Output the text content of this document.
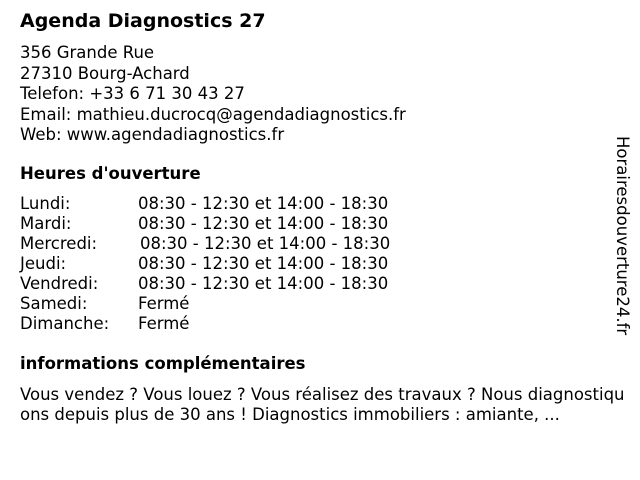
Agenda Diagnostics 27
356 Grande Rue
27310 Bourg-Achard
Telefon: +33 6 71 30 43 27
Email: mathieu.ducrocq@agendadiagnostics.fr
Web: www.agendadiagnostics.fr
Heures d'ouverture
Lundi:	08:30 - 12:30 et 14:00 - 18:30
Mardi:	08:30 - 12:30 et 14:00 - 18:30
Mercredi:	08:30 - 12:30 et 14:00 - 18:30
Jeudi:	08:30 - 12:30 et 14:00 - 18:30
Vendredi: 08:30 - 12:30 et 14:00 - 18:30
Samedi:	Fermé
Dimanche: Fermé
informations complémentaires
Vous vendez ? Vous louez ? Vous réalisez des travaux ? Nous diagnostiquons depuis plus de 30 ans ! Diagnostics immobiliers : amiante, ...
Horairesdouverture24.fr
